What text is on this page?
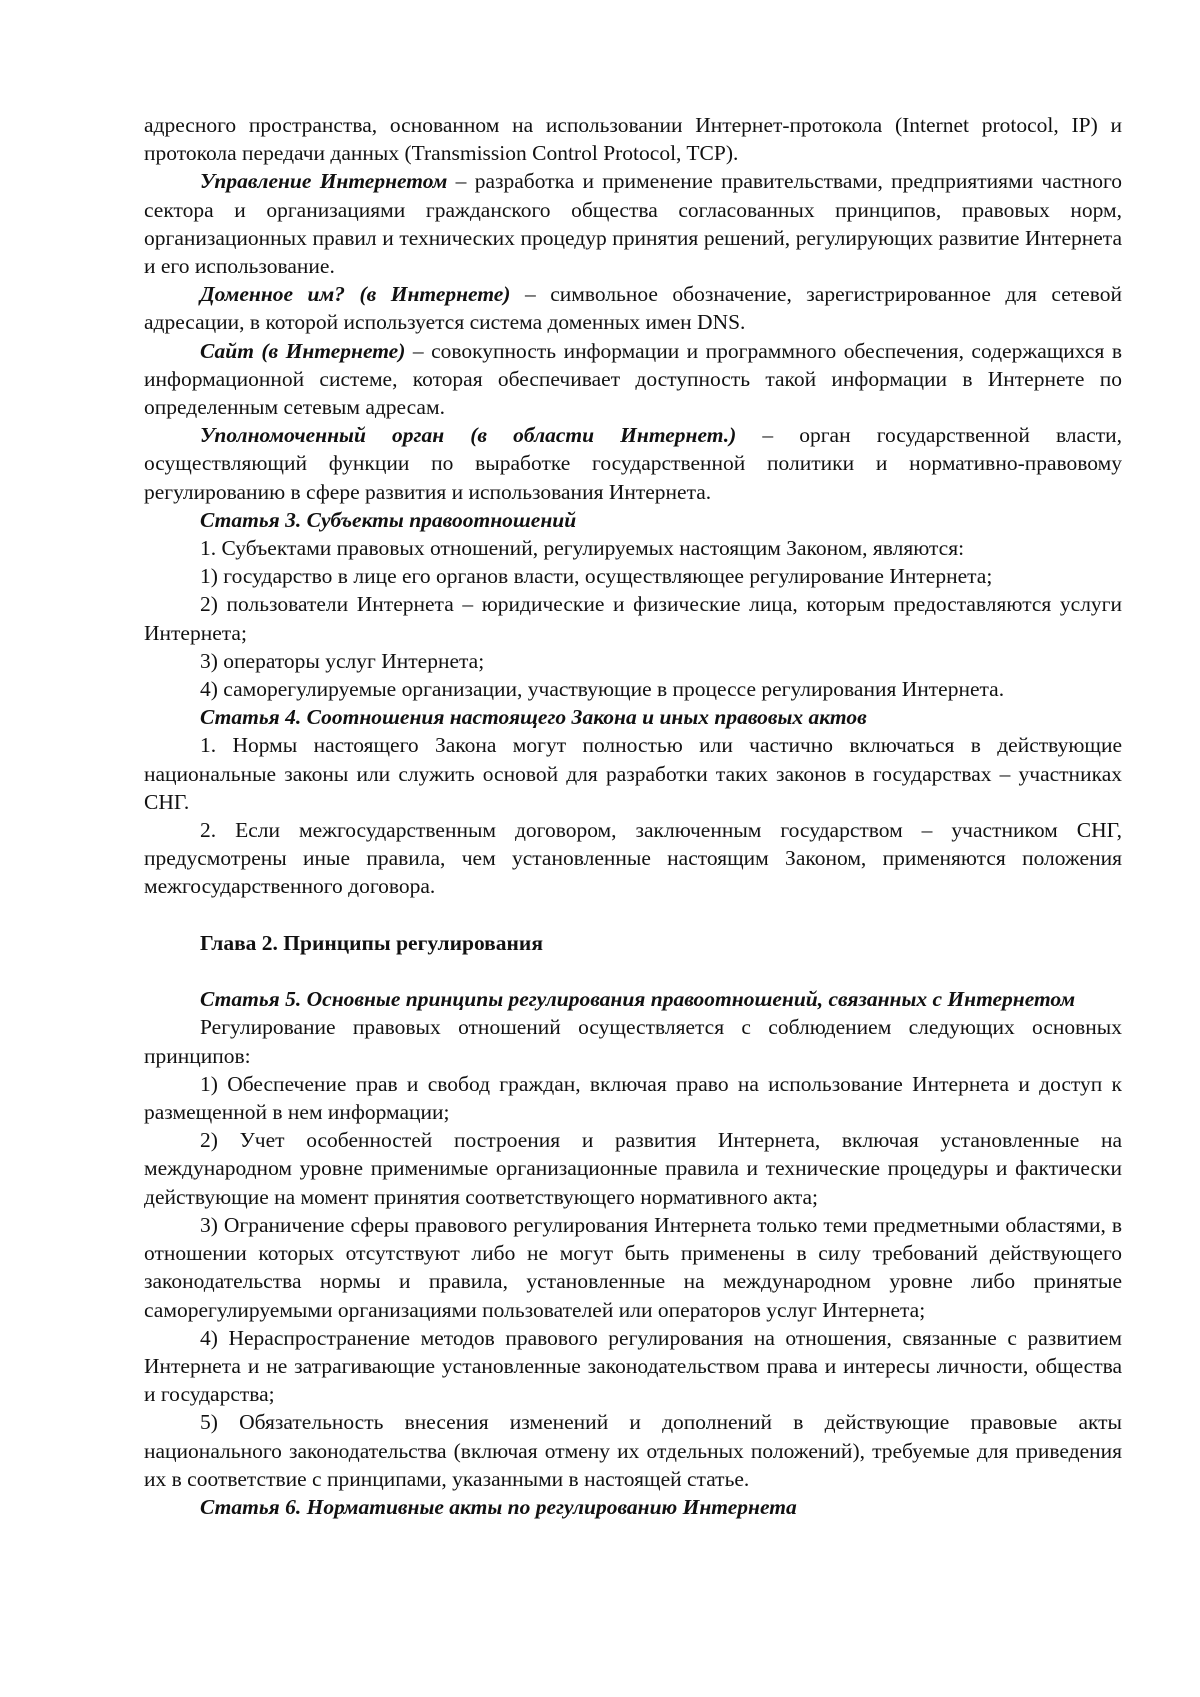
адресного пространства, основанном на использовании Интернет-протокола (Internet protocol, IP) и протокола передачи данных (Transmission Control Protocol, TCP).

Управление Интернетом – разработка и применение правительствами, предприятиями частного сектора и организациями гражданского общества согласованных принципов, правовых норм, организационных правил и технических процедур принятия решений, регулирующих развитие Интернета и его использование.

Доменное им? (в Интернете) – символьное обозначение, зарегистрированное для сетевой адресации, в которой используется система доменных имен DNS.

Сайт (в Интернете) – совокупность информации и программного обеспечения, содержащихся в информационной системе, которая обеспечивает доступность такой информации в Интернете по определенным сетевым адресам.

Уполномоченный орган (в области Интернет.) – орган государственной власти, осуществляющий функции по выработке государственной политики и нормативно-правовому регулированию в сфере развития и использования Интернета.

Статья 3. Субъекты правоотношений

1. Субъектами правовых отношений, регулируемых настоящим Законом, являются:

1) государство в лице его органов власти, осуществляющее регулирование Интернета;

2) пользователи Интернета – юридические и физические лица, которым предоставляются услуги Интернета;

3) операторы услуг Интернета;

4) саморегулируемые организации, участвующие в процессе регулирования Интернета.

Статья 4. Соотношения настоящего Закона и иных правовых актов

1. Нормы настоящего Закона могут полностью или частично включаться в действующие национальные законы или служить основой для разработки таких законов в государствах – участниках СНГ.

2. Если межгосударственным договором, заключенным государством – участником СНГ, предусмотрены иные правила, чем установленные настоящим Законом, применяются положения межгосударственного договора.

Глава 2. Принципы регулирования

Статья 5. Основные принципы регулирования правоотношений, связанных с Интернетом

Регулирование правовых отношений осуществляется с соблюдением следующих основных принципов:

1) Обеспечение прав и свобод граждан, включая право на использование Интернета и доступ к размещенной в нем информации;

2) Учет особенностей построения и развития Интернета, включая установленные на международном уровне применимые организационные правила и технические процедуры и фактически действующие на момент принятия соответствующего нормативного акта;

3) Ограничение сферы правового регулирования Интернета только теми предметными областями, в отношении которых отсутствуют либо не могут быть применены в силу требований действующего законодательства нормы и правила, установленные на международном уровне либо принятые саморегулируемыми организациями пользователей или операторов услуг Интернета;

4) Нераспространение методов правового регулирования на отношения, связанные с развитием Интернета и не затрагивающие установленные законодательством права и интересы личности, общества и государства;

5) Обязательность внесения изменений и дополнений в действующие правовые акты национального законодательства (включая отмену их отдельных положений), требуемые для приведения их в соответствие с принципами, указанными в настоящей статье.

Статья 6. Нормативные акты по регулированию Интернета
